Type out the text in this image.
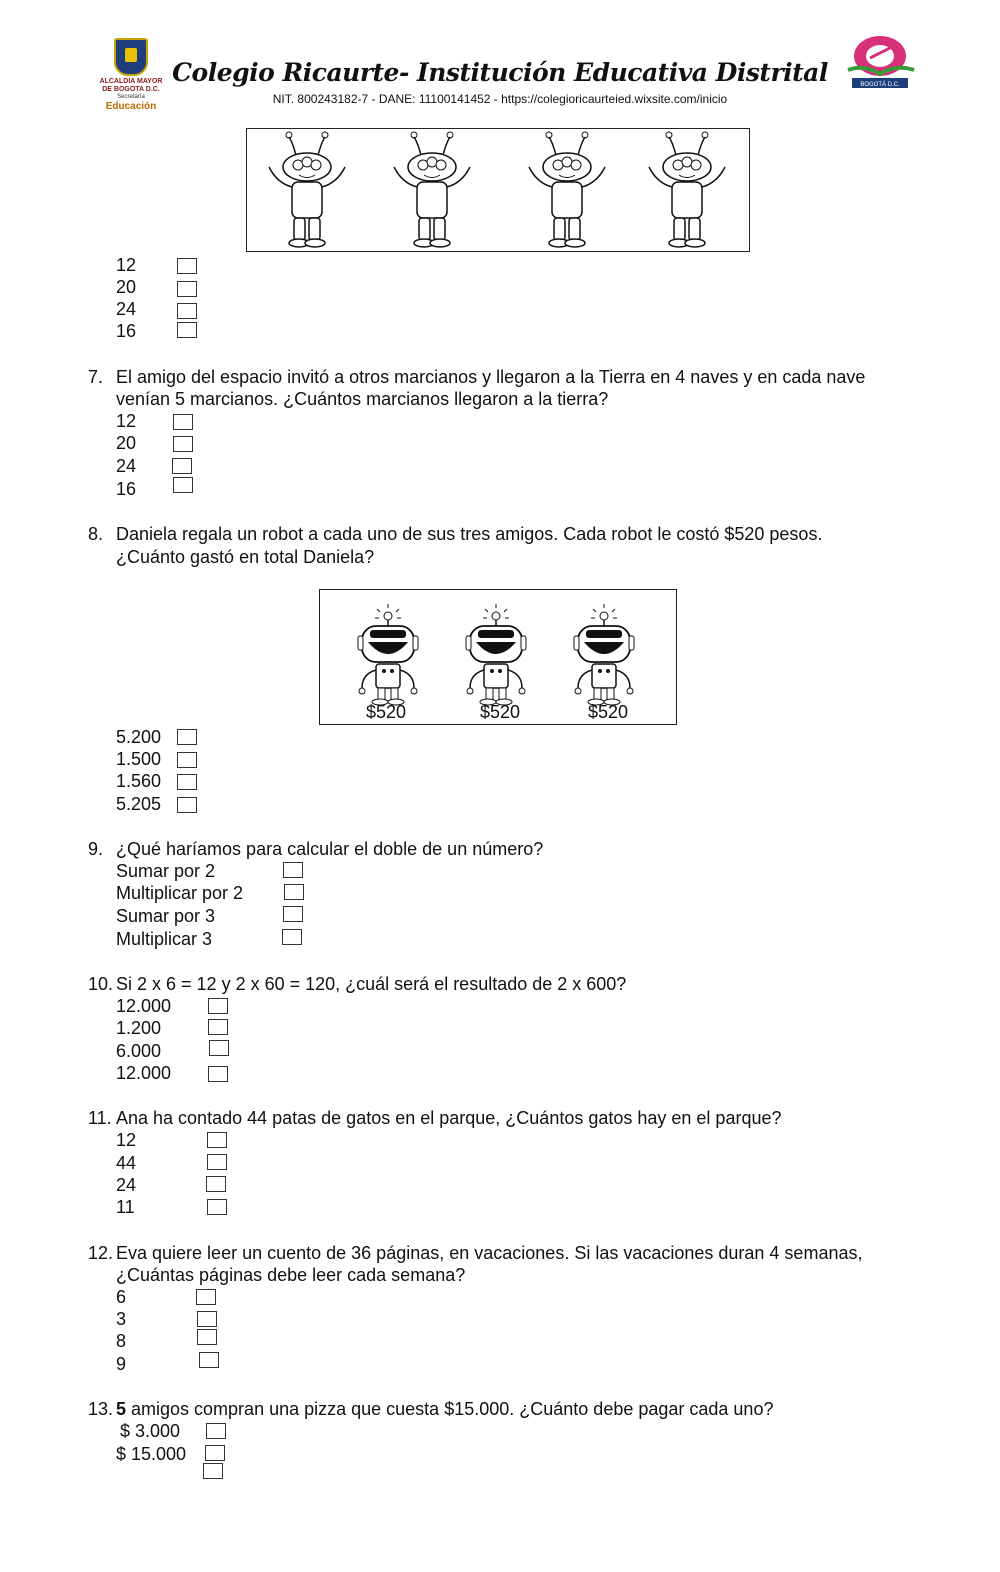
ALCALDIA MAYOR DE BOGOTA D.C.
Secretaría
Educación
Colegio Ricaurte- Institución Educativa Distrital
NIT. 800243182-7 - DANE: 11100141452 - https://colegioricaurteied.wixsite.com/inicio
BOGOTÁ D.C.
12
20
24
16
7. El amigo del espacio invitó a otros marcianos y llegaron a la Tierra en 4 naves y en cada nave
venían 5 marcianos. ¿Cuántos marcianos llegaron a la tierra?
12
20
24
16
8. Daniela regala un robot a cada uno de sus tres amigos. Cada robot le costó $520 pesos.
¿Cuánto gastó en total Daniela?
$520	$520	$520
5.200
1.500
1.560
5.205
9. ¿Qué haríamos para calcular el doble de un número?
Sumar por 2
Multiplicar por 2
Sumar por 3
Multiplicar 3
10. Si 2 x 6 = 12 y 2 x 60 = 120, ¿cuál será el resultado de 2 x 600?
12.000
1.200
6.000
12.000
11. Ana ha contado 44 patas de gatos en el parque, ¿Cuántos gatos hay en el parque?
12
44
24
11
12. Eva quiere leer un cuento de 36 páginas, en vacaciones. Si las vacaciones duran 4 semanas,
¿Cuántas páginas debe leer cada semana?
6
3
8
9
13. 5 amigos compran una pizza que cuesta $15.000. ¿Cuánto debe pagar cada uno?
$ 3.000
$ 15.000
